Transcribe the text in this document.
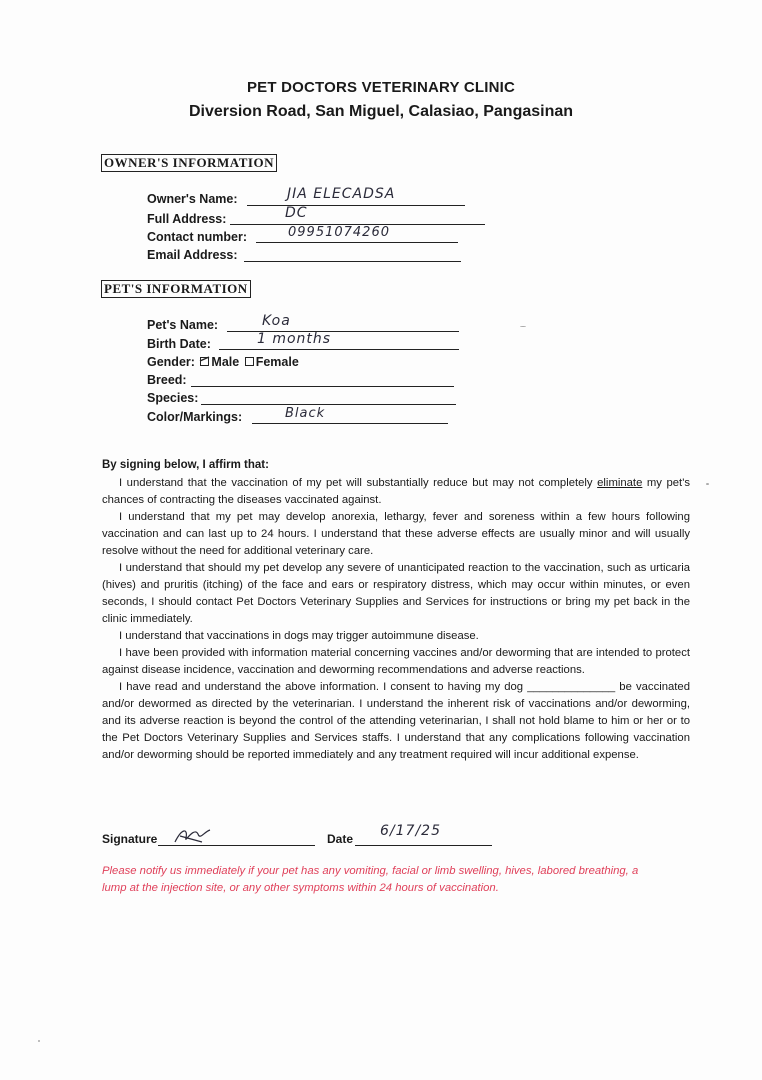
PET DOCTORS VETERINARY CLINIC
Diversion Road, San Miguel, Calasiao, Pangasinan
OWNER'S INFORMATION
Owner's Name:	JIA ELECADSA
Full Address:	DC
Contact number:	09951074260
Email Address:
PET'S INFORMATION
Pet's Name:	Koa
Birth Date:	1 months
Gender: Male Female
Breed:
Species:
Color/Markings:	Black
By signing below, I affirm that:

I understand that the vaccination of my pet will substantially reduce but may not completely eliminate my pet's chances of contracting the diseases vaccinated against.

I understand that my pet may develop anorexia, lethargy, fever and soreness within a few hours following vaccination and can last up to 24 hours. I understand that these adverse effects are usually minor and will usually resolve without the need for additional veterinary care.

I understand that should my pet develop any severe of unanticipated reaction to the vaccination, such as urticaria (hives) and pruritis (itching) of the face and ears or respiratory distress, which may occur within minutes, or even seconds, I should contact Pet Doctors Veterinary Supplies and Services for instructions or bring my pet back in the clinic immediately.

I understand that vaccinations in dogs may trigger autoimmune disease.

I have been provided with information material concerning vaccines and/or deworming that are intended to protect against disease incidence, vaccination and deworming recommendations and adverse reactions.

I have read and understand the above information. I consent to having my dog ______________ be vaccinated and/or dewormed as directed by the veterinarian. I understand the inherent risk of vaccinations and/or deworming, and its adverse reaction is beyond the control of the attending veterinarian, I shall not hold blame to him or her or to the Pet Doctors Veterinary Supplies and Services staffs. I understand that any complications following vaccination and/or deworming should be reported immediately and any treatment required will incur additional expense.

Signature	Date 6/17/25
Please notify us immediately if your pet has any vomiting, facial or limb swelling, hives, labored breathing, a lump at the injection site, or any other symptoms within 24 hours of vaccination.
